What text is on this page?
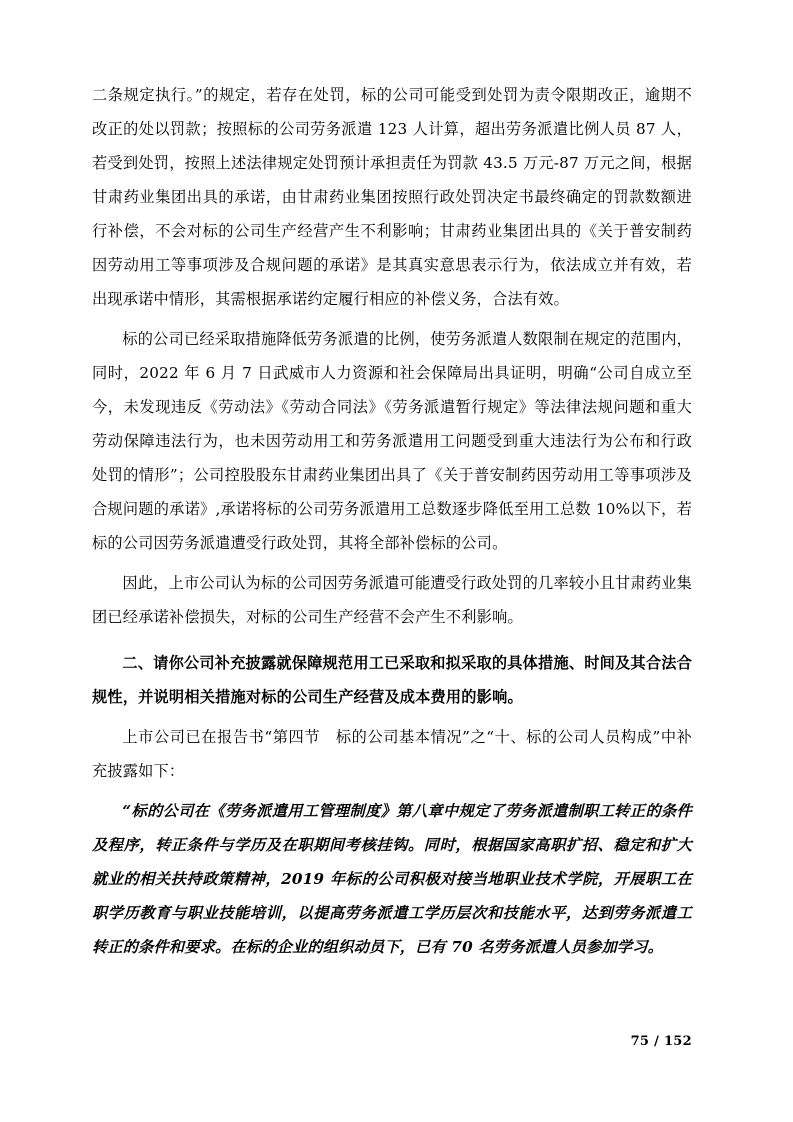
二条规定执行。”的规定，若存在处罚，标的公司可能受到处罚为责令限期改正，逾期不改正的处以罚款；按照标的公司劳务派遣 123 人计算，超出劳务派遣比例人员 87 人，若受到处罚，按照上述法律规定处罚预计承担责任为罚款 43.5 万元-87 万元之间，根据甘肃药业集团出具的承诺，由甘肃药业集团按照行政处罚决定书最终确定的罚款数额进行补偿，不会对标的公司生产经营产生不利影响；甘肃药业集团出具的《关于普安制药因劳动用工等事项涉及合规问题的承诺》是其真实意思表示行为，依法成立并有效，若出现承诺中情形，其需根据承诺约定履行相应的补偿义务，合法有效。

标的公司已经采取措施降低劳务派遣的比例，使劳务派遣人数限制在规定的范围内，同时，2022 年 6 月 7 日武威市人力资源和社会保障局出具证明，明确“公司自成立至今，未发现违反《劳动法》《劳动合同法》《劳务派遣暂行规定》等法律法规问题和重大劳动保障违法行为，也未因劳动用工和劳务派遣用工问题受到重大违法行为公布和行政处罚的情形”；公司控股股东甘肃药业集团出具了《关于普安制药因劳动用工等事项涉及合规问题的承诺》,承诺将标的公司劳务派遣用工总数逐步降低至用工总数 10%以下，若标的公司因劳务派遣遭受行政处罚，其将全部补偿标的公司。

因此，上市公司认为标的公司因劳务派遣可能遭受行政处罚的几率较小且甘肃药业集团已经承诺补偿损失，对标的公司生产经营不会产生不利影响。

二、请你公司补充披露就保障规范用工已采取和拟采取的具体措施、时间及其合法合规性，并说明相关措施对标的公司生产经营及成本费用的影响。

上市公司已在报告书“第四节　标的公司基本情况”之“十、标的公司人员构成”中补充披露如下：

“标的公司在《劳务派遣用工管理制度》第八章中规定了劳务派遣制职工转正的条件及程序，转正条件与学历及在职期间考核挂钩。同时，根据国家高职扩招、稳定和扩大就业的相关扶持政策精神，2019 年标的公司积极对接当地职业技术学院，开展职工在职学历教育与职业技能培训，以提高劳务派遣工学历层次和技能水平，达到劳务派遣工转正的条件和要求。在标的企业的组织动员下，已有 70 名劳务派遣人员参加学习。

75 / 152
